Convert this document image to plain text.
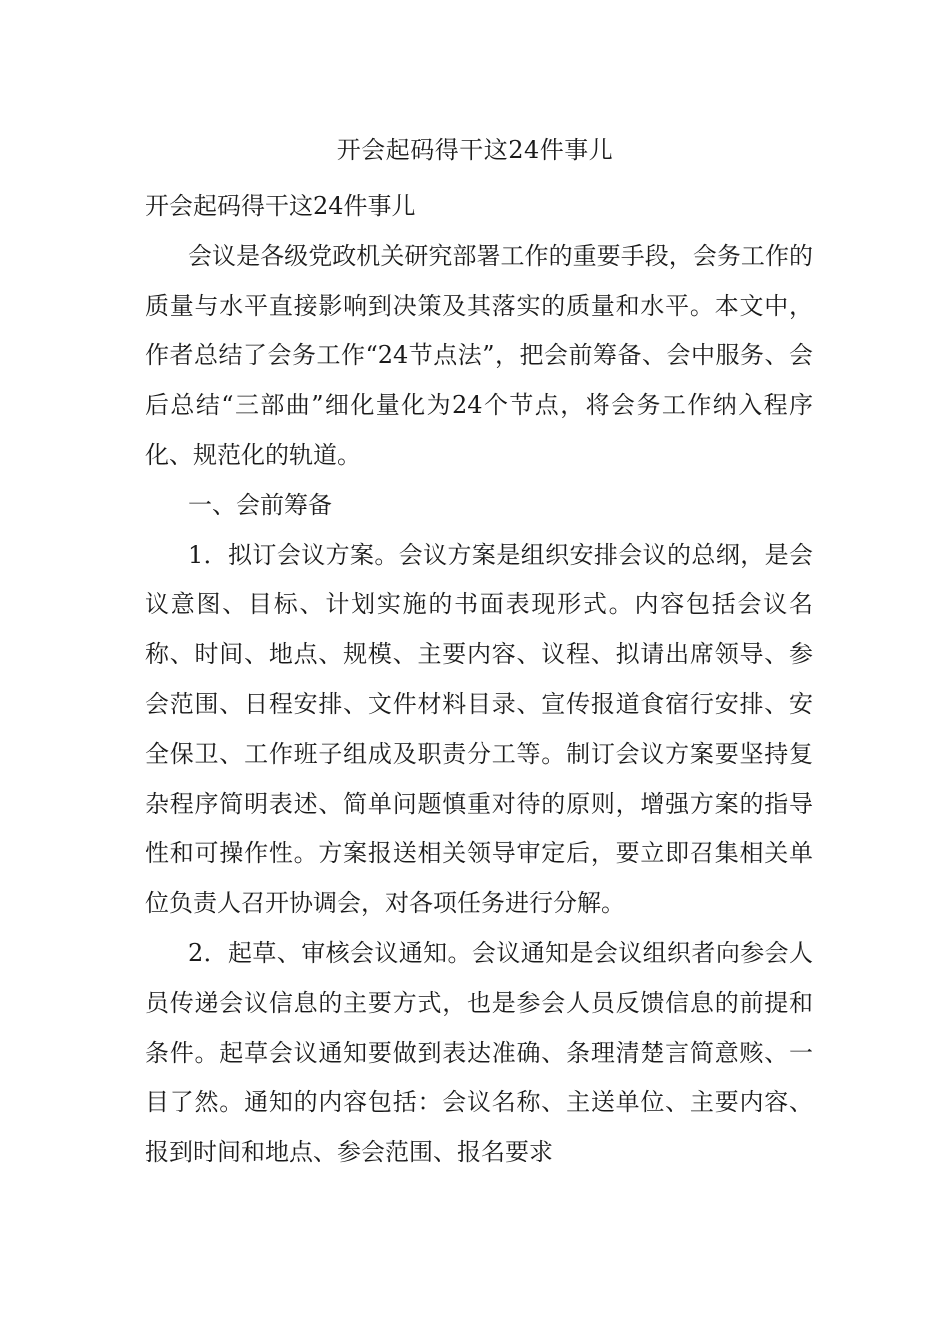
开会起码得干这24件事儿

开会起码得干这24件事儿

会议是各级党政机关研究部署工作的重要手段，会务工作的质量与水平直接影响到决策及其落实的质量和水平。本文中，作者总结了会务工作“24节点法”，把会前筹备、会中服务、会后总结“三部曲”细化量化为24个节点，将会务工作纳入程序化、规范化的轨道。

一、会前筹备

1．拟订会议方案。会议方案是组织安排会议的总纲，是会议意图、目标、计划实施的书面表现形式。内容包括会议名称、时间、地点、规模、主要内容、议程、拟请出席领导、参会范围、日程安排、文件材料目录、宣传报道食宿行安排、安全保卫、工作班子组成及职责分工等。制订会议方案要坚持复杂程序简明表述、简单问题慎重对待的原则，增强方案的指导性和可操作性。方案报送相关领导审定后，要立即召集相关单位负责人召开协调会，对各项任务进行分解。

2．起草、审核会议通知。会议通知是会议组织者向参会人员传递会议信息的主要方式，也是参会人员反馈信息的前提和条件。起草会议通知要做到表达准确、条理清楚言简意赅、一目了然。通知的内容包括：会议名称、主送单位、主要内容、报到时间和地点、参会范围、报名要求
